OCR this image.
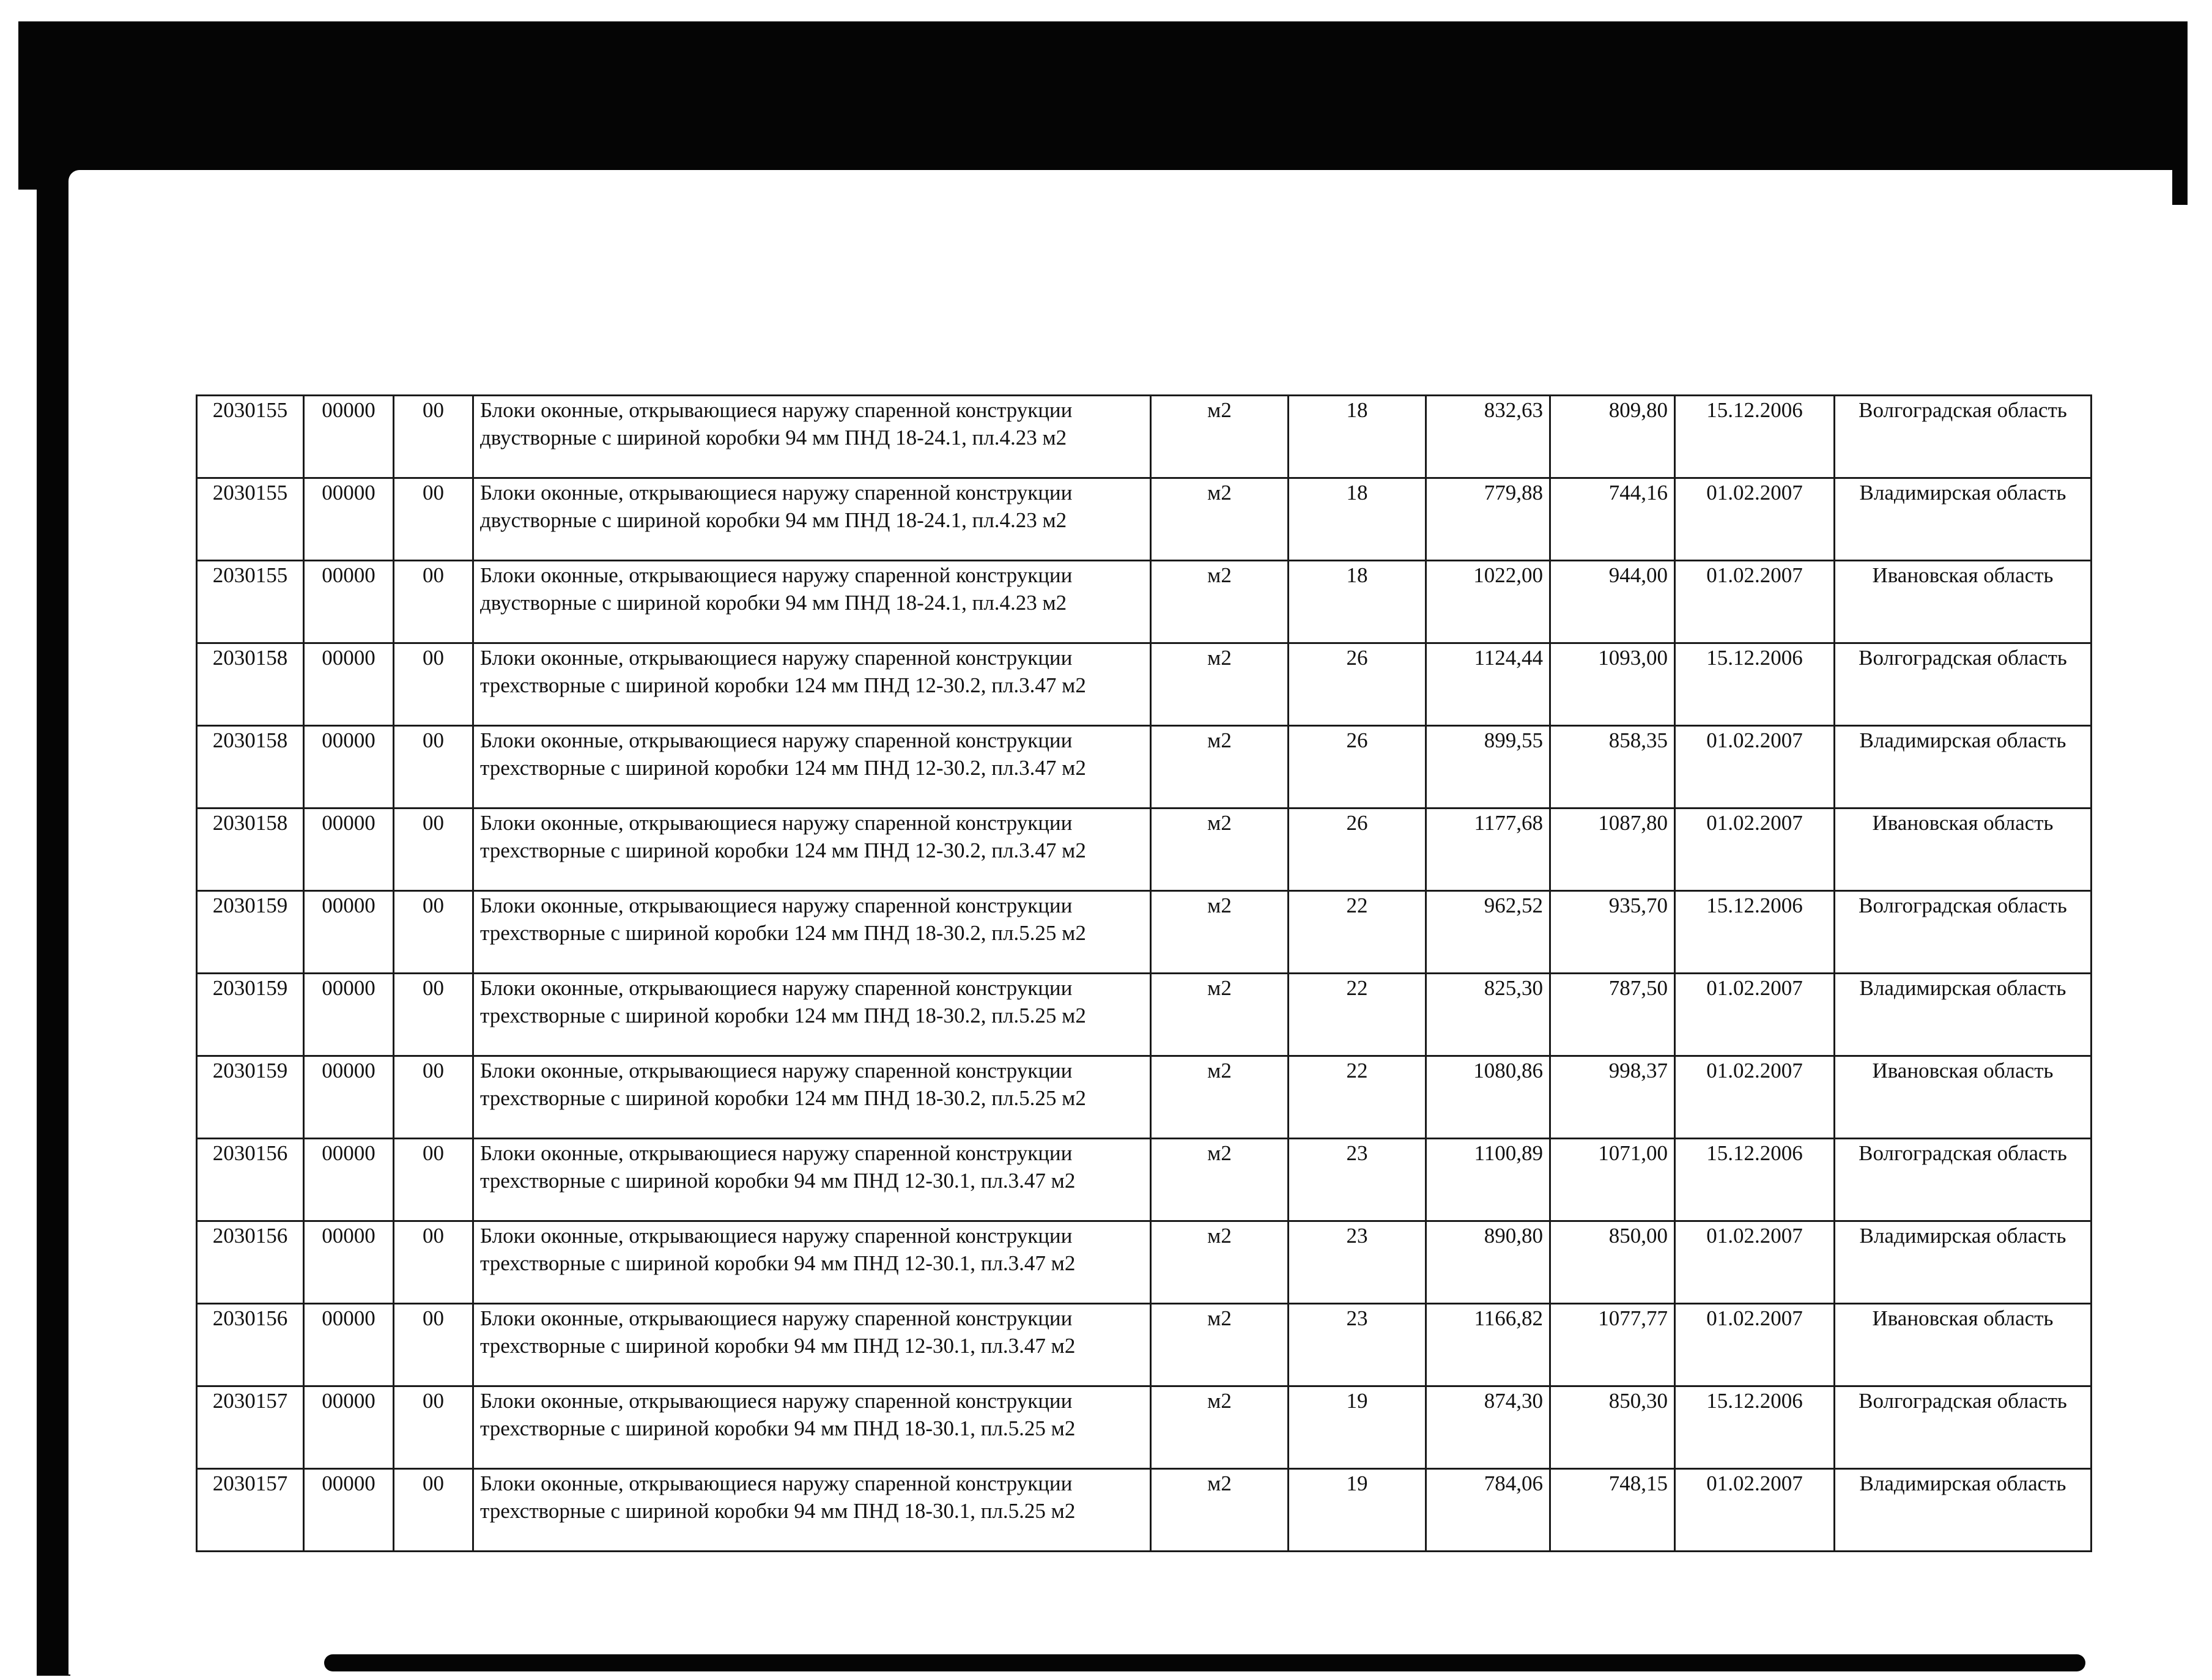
2030155	00000	00	Блоки оконные, открывающиеся наружу спаренной конструкции двустворные с шириной коробки 94 мм ПНД 18-24.1, пл.4.23 м2	м2	18	832,63	809,80	15.12.2006	Волгоградская область
2030155	00000	00	Блоки оконные, открывающиеся наружу спаренной конструкции двустворные с шириной коробки 94 мм ПНД 18-24.1, пл.4.23 м2	м2	18	779,88	744,16	01.02.2007	Владимирская область
2030155	00000	00	Блоки оконные, открывающиеся наружу спаренной конструкции двустворные с шириной коробки 94 мм ПНД 18-24.1, пл.4.23 м2	м2	18	1022,00	944,00	01.02.2007	Ивановская область
2030158	00000	00	Блоки оконные, открывающиеся наружу спаренной конструкции трехстворные с шириной коробки 124 мм ПНД 12-30.2, пл.3.47 м2	м2	26	1124,44	1093,00	15.12.2006	Волгоградская область
2030158	00000	00	Блоки оконные, открывающиеся наружу спаренной конструкции трехстворные с шириной коробки 124 мм ПНД 12-30.2, пл.3.47 м2	м2	26	899,55	858,35	01.02.2007	Владимирская область
2030158	00000	00	Блоки оконные, открывающиеся наружу спаренной конструкции трехстворные с шириной коробки 124 мм ПНД 12-30.2, пл.3.47 м2	м2	26	1177,68	1087,80	01.02.2007	Ивановская область
2030159	00000	00	Блоки оконные, открывающиеся наружу спаренной конструкции трехстворные с шириной коробки 124 мм ПНД 18-30.2, пл.5.25 м2	м2	22	962,52	935,70	15.12.2006	Волгоградская область
2030159	00000	00	Блоки оконные, открывающиеся наружу спаренной конструкции трехстворные с шириной коробки 124 мм ПНД 18-30.2, пл.5.25 м2	м2	22	825,30	787,50	01.02.2007	Владимирская область
2030159	00000	00	Блоки оконные, открывающиеся наружу спаренной конструкции трехстворные с шириной коробки 124 мм ПНД 18-30.2, пл.5.25 м2	м2	22	1080,86	998,37	01.02.2007	Ивановская область
2030156	00000	00	Блоки оконные, открывающиеся наружу спаренной конструкции трехстворные с шириной коробки 94 мм ПНД 12-30.1, пл.3.47 м2	м2	23	1100,89	1071,00	15.12.2006	Волгоградская область
2030156	00000	00	Блоки оконные, открывающиеся наружу спаренной конструкции трехстворные с шириной коробки 94 мм ПНД 12-30.1, пл.3.47 м2	м2	23	890,80	850,00	01.02.2007	Владимирская область
2030156	00000	00	Блоки оконные, открывающиеся наружу спаренной конструкции трехстворные с шириной коробки 94 мм ПНД 12-30.1, пл.3.47 м2	м2	23	1166,82	1077,77	01.02.2007	Ивановская область
2030157	00000	00	Блоки оконные, открывающиеся наружу спаренной конструкции трехстворные с шириной коробки 94 мм ПНД 18-30.1, пл.5.25 м2	м2	19	874,30	850,30	15.12.2006	Волгоградская область
2030157	00000	00	Блоки оконные, открывающиеся наружу спаренной конструкции трехстворные с шириной коробки 94 мм ПНД 18-30.1, пл.5.25 м2	м2	19	784,06	748,15	01.02.2007	Владимирская область
